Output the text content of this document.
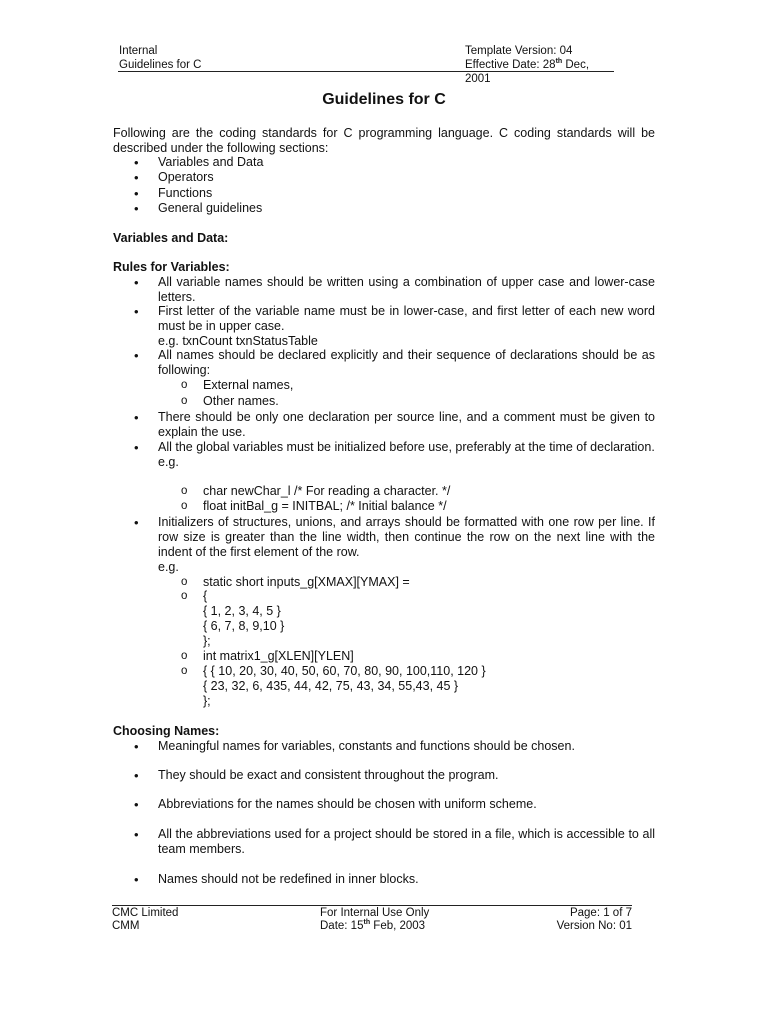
Internal
Guidelines for C
Template Version: 04
Effective Date: 28th Dec, 2001
Guidelines for C
Following are the coding standards for C programming language. C coding standards will be described under the following sections:
• Variables and Data
• Operators
• Functions
• General guidelines
Variables and Data:
Rules for Variables:
• All variable names should be written using a combination of upper case and lower-case letters.
• First letter of the variable name must be in lower-case, and first letter of each new word must be in upper case.
e.g. txnCount txnStatusTable
• All names should be declared explicitly and their sequence of declarations should be as following:
o External names,
o Other names.
• There should be only one declaration per source line, and a comment must be given to explain the use.
• All the global variables must be initialized before use, preferably at the time of declaration.
e.g.
o char newChar_l /* For reading a character. */
o float initBal_g = INITBAL; /* Initial balance */
• Initializers of structures, unions, and arrays should be formatted with one row per line. If row size is greater than the line width, then continue the row on the next line with the indent of the first element of the row.
e.g.
o static short inputs_g[XMAX][YMAX] =
o {
{ 1, 2, 3, 4, 5 }
{ 6, 7, 8, 9,10 }
};
o int matrix1_g[XLEN][YLEN]
o { { 10, 20, 30, 40, 50, 60, 70, 80, 90, 100,110, 120 }
{ 23, 32, 6, 435, 44, 42, 75, 43, 34, 55,43, 45 }
};
Choosing Names:
• Meaningful names for variables, constants and functions should be chosen.
• They should be exact and consistent throughout the program.
• Abbreviations for the names should be chosen with uniform scheme.
• All the abbreviations used for a project should be stored in a file, which is accessible to all team members.
• Names should not be redefined in inner blocks.
CMC Limited
CMM
For Internal Use Only
Date: 15th Feb, 2003
Page: 1 of 7
Version No: 01
